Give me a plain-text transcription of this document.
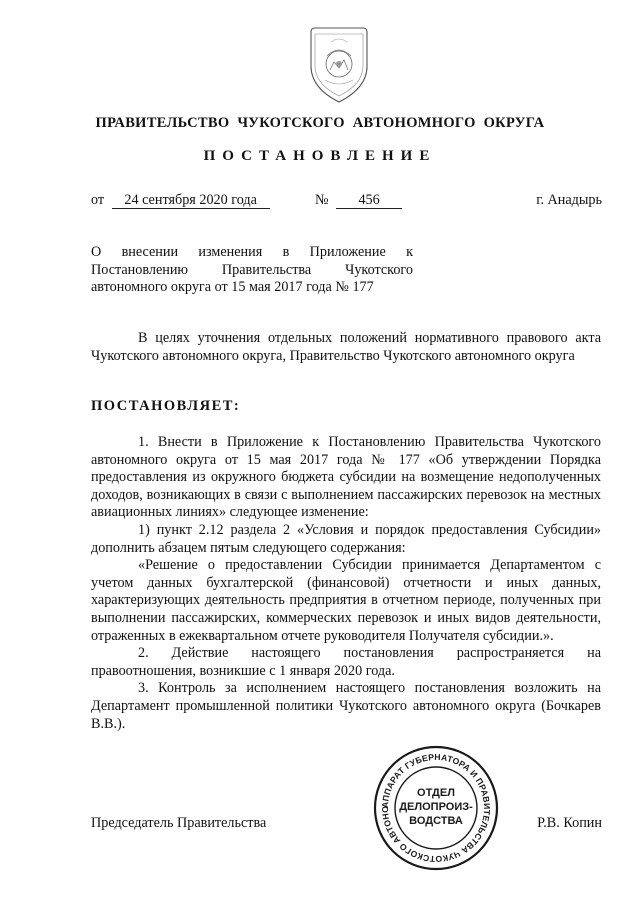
ПРАВИТЕЛЬСТВО ЧУКОТСКОГО АВТОНОМНОГО ОКРУГА
ПОСТАНОВЛЕНИЕ
от 24 сентября 2020 года	№ 456	г. Анадырь
О внесении изменения в Приложение к Постановлению Правительства Чукотского автономного округа от 15 мая 2017 года № 177

В целях уточнения отдельных положений нормативного правового акта Чукотского автономного округа, Правительство Чукотского автономного округа

ПОСТАНОВЛЯЕТ:

1. Внести в Приложение к Постановлению Правительства Чукотского автономного округа от 15 мая 2017 года № 177 «Об утверждении Порядка предоставления из окружного бюджета субсидии на возмещение недополученных доходов, возникающих в связи с выполнением пассажирских перевозок на местных авиационных линиях» следующее изменение:

1) пункт 2.12 раздела 2 «Условия и порядок предоставления Субсидии» дополнить абзацем пятым следующего содержания:

«Решение о предоставлении Субсидии принимается Департаментом с учетом данных бухгалтерской (финансовой) отчетности и иных данных, характеризующих деятельность предприятия в отчетном периоде, полученных при выполнении пассажирских, коммерческих перевозок и иных видов деятельности, отраженных в ежеквартальном отчете руководителя Получателя субсидии.».

2. Действие настоящего постановления распространяется на правоотношения, возникшие с 1 января 2020 года.

3. Контроль за исполнением настоящего постановления возложить на Департамент промышленной политики Чукотского автономного округа (Бочкарев В.В.).

Председатель Правительства	Р.В. Копин
АППАРАТ ГУБЕРНАТОРА И ПРАВИТЕЛЬСТВА ЧУКОТСКОГО АВТОНО
ОТДЕЛ
ДЕЛОПРОИЗ-
ВОДСТВА
